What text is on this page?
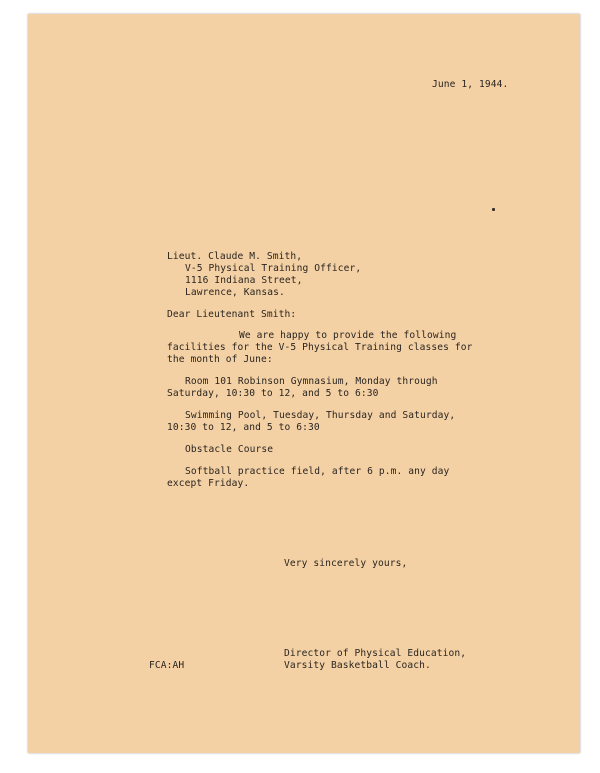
June 1, 1944.
Lieut. Claude M. Smith,
V-5 Physical Training Officer,
1116 Indiana Street,
Lawrence, Kansas.
Dear Lieutenant Smith:
We are happy to provide the following
facilities for the V-5 Physical Training classes for
the month of June:
Room 101 Robinson Gymnasium, Monday through
Saturday, 10:30 to 12, and 5 to 6:30
Swimming Pool, Tuesday, Thursday and Saturday,
10:30 to 12, and 5 to 6:30
Obstacle Course
Softball practice field, after 6 p.m. any day
except Friday.
Very sincerely yours,
Director of Physical Education,
FCA:AH	Varsity Basketball Coach.
